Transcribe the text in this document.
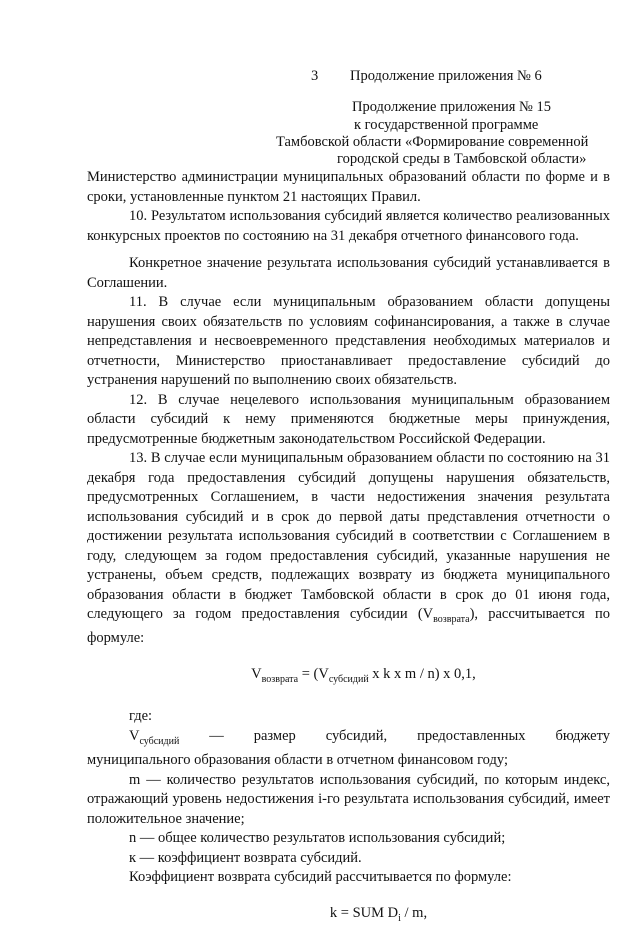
3 Продолжение приложения № 6
Продолжение приложения № 15
к государственной программе
Тамбовской области «Формирование современной
городской среды в Тамбовской области»

Министерство администрации муниципальных образований области по форме и в сроки, установленные пунктом 21 настоящих Правил.

10. Результатом использования субсидий является количество реализованных конкурсных проектов по состоянию на 31 декабря отчетного финансового года.

Конкретное значение результата использования субсидий устанавливается в Соглашении.

11. В случае если муниципальным образованием области допущены нарушения своих обязательств по условиям софинансирования, а также в случае непредставления и несвоевременного представления необходимых материалов и отчетности, Министерство приостанавливает предоставление субсидий до устранения нарушений по выполнению своих обязательств.

12. В случае нецелевого использования муниципальным образованием области субсидий к нему применяются бюджетные меры принуждения, предусмотренные бюджетным законодательством Российской Федерации.

13. В случае если муниципальным образованием области по состоянию на 31 декабря года предоставления субсидий допущены нарушения обязательств, предусмотренных Соглашением, в части недостижения значения результата использования субсидий и в срок до первой даты представления отчетности о достижении результата использования субсидий в соответствии с Соглашением в году, следующем за годом предоставления субсидий, указанные нарушения не устранены, объем средств, подлежащих возврату из бюджета муниципального образования области в бюджет Тамбовской области в срок до 01 июня года, следующего за годом предоставления субсидии $(V_{возврата})$, рассчитывается по формуле:

$V_{возврата} = (V_{субсидий}$ x k x m / n) x 0,1,

где:

$V_{субсидий}$ — размер субсидий, предоставленных бюджету

муниципального образования области в отчетном финансовом году;

m — количество результатов использования субсидий, по которым индекс, отражающий уровень недостижения i-го результата использования субсидий, имеет положительное значение;

n — общее количество результатов использования субсидий;

к — коэффициент возврата субсидий.

Коэффициент возврата субсидий рассчитывается по формуле:

k = SUM $D_i$ / m,
